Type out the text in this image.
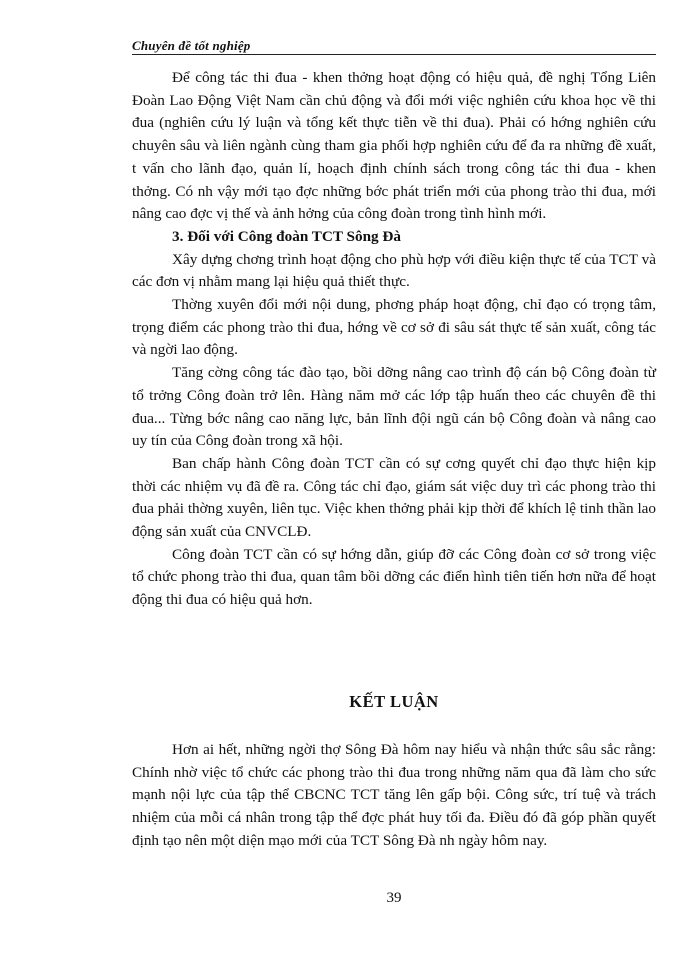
Chuyên đề tốt nghiệp

Để công tác thi đua - khen thởng hoạt động có hiệu quả, đề nghị Tổng Liên Đoàn Lao Động Việt Nam cần chủ động và đổi mới việc nghiên cứu khoa học về thi đua (nghiên cứu lý luận và tổng kết thực tiễn về thi đua). Phải có hớng nghiên cứu chuyên sâu và liên ngành cùng tham gia phối hợp nghiên cứu để đa ra những đề xuất, t vấn cho lãnh đạo, quản lí, hoạch định chính sách trong công tác thi đua - khen thởng. Có nh vậy mới tạo đợc những bớc phát triển mới của phong trào thi đua, mới nâng cao đợc vị thế và ảnh hởng của công đoàn trong tình hình mới.

3. Đối với Công đoàn TCT Sông Đà

Xây dựng chơng trình hoạt động cho phù hợp với điều kiện thực tế của TCT và các đơn vị nhằm mang lại hiệu quả thiết thực.

Thờng xuyên đổi mới nội dung, phơng pháp hoạt động, chỉ đạo có trọng tâm, trọng điểm các phong trào thi đua, hớng về cơ sở đi sâu sát thực tế sản xuất, công tác và ngời lao động.

Tăng cờng công tác đào tạo, bồi dỡng nâng cao trình độ cán bộ Công đoàn từ tổ trởng Công đoàn trở lên. Hàng năm mở các lớp tập huấn theo các chuyên đề thi đua... Từng bớc nâng cao năng lực, bản lĩnh đội ngũ cán bộ Công đoàn và nâng cao uy tín của Công đoàn trong xã hội.

Ban chấp hành Công đoàn TCT cần có sự cơng quyết chỉ đạo thực hiện kịp thời các nhiệm vụ đã đề ra. Công tác chỉ đạo, giám sát việc duy trì các phong trào thi đua phải thờng xuyên, liên tục. Việc khen thởng phải kịp thời để khích lệ tinh thần lao động sản xuất của CNVCLĐ.

Công đoàn TCT cần có sự hớng dẫn, giúp đỡ các Công đoàn cơ sở trong việc tổ chức phong trào thi đua, quan tâm bồi dỡng các điển hình tiên tiến hơn nữa để hoạt động thi đua có hiệu quả hơn.

KẾT LUẬN

Hơn ai hết, những ngời thợ Sông Đà hôm nay hiểu và nhận thức sâu sắc rằng: Chính nhờ việc tổ chức các phong trào thi đua trong những năm qua đã làm cho sức mạnh nội lực của tập thể CBCNC TCT tăng lên gấp bội. Công sức, trí tuệ và trách nhiệm của mỗi cá nhân trong tập thể đợc phát huy tối đa. Điều đó đã góp phần quyết định tạo nên một diện mạo mới của TCT Sông Đà nh ngày hôm nay.

39
